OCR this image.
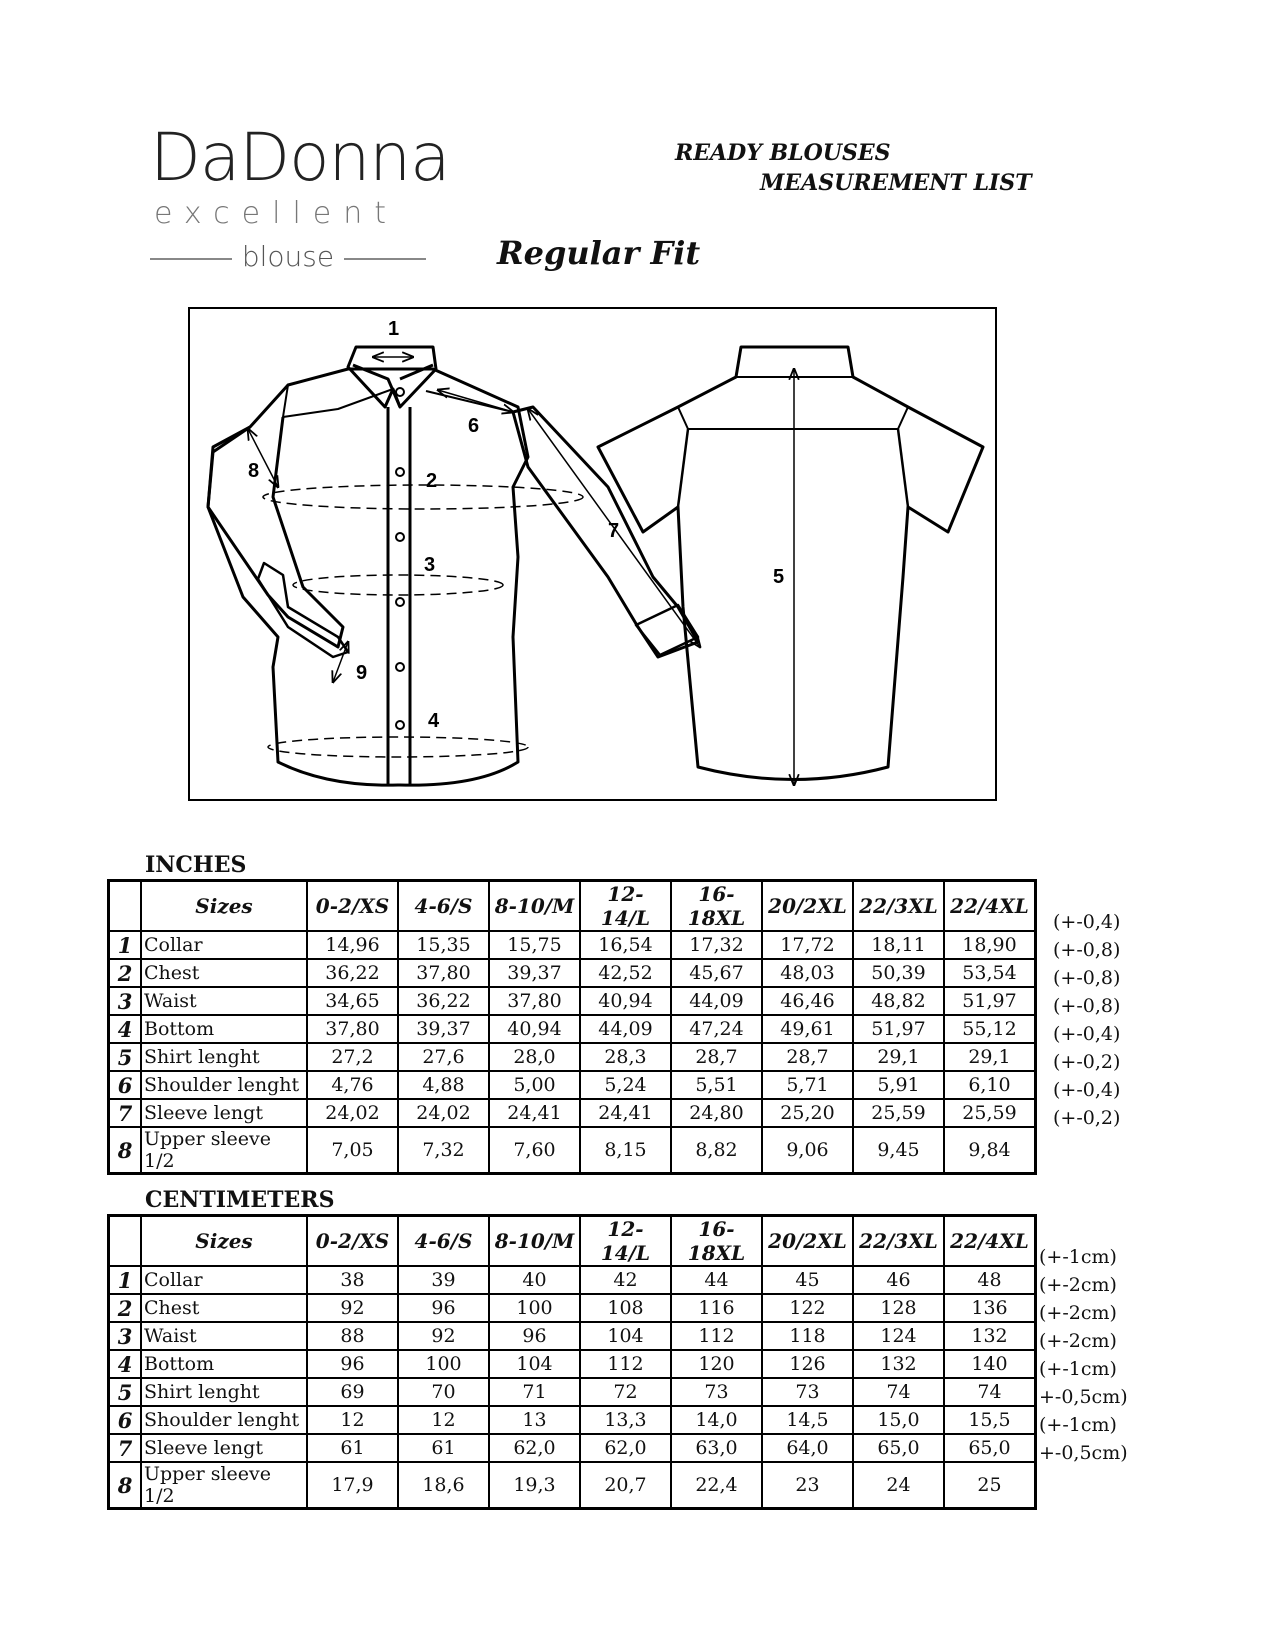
DaDonna
excellent
blouse
READY BLOUSES
MEASUREMENT LIST
Regular Fit
1
2
3
4
5
6
7
8
9
INCHES
	Sizes	0-2/XS	4-6/S	8-10/M	12-14/L	16-18XL	20/2XL	22/3XL	22/4XL
1	Collar	14,96	15,35	15,75	16,54	17,32	17,72	18,11	18,90
2	Chest	36,22	37,80	39,37	42,52	45,67	48,03	50,39	53,54
3	Waist	34,65	36,22	37,80	40,94	44,09	46,46	48,82	51,97
4	Bottom	37,80	39,37	40,94	44,09	47,24	49,61	51,97	55,12
5	Shirt lenght	27,2	27,6	28,0	28,3	28,7	28,7	29,1	29,1
6	Shoulder lenght	4,76	4,88	5,00	5,24	5,51	5,71	5,91	6,10
7	Sleeve lengt	24,02	24,02	24,41	24,41	24,80	25,20	25,59	25,59
8	Upper sleeve 1/2	7,05	7,32	7,60	8,15	8,82	9,06	9,45	9,84
CENTIMETERS
	Sizes	0-2/XS	4-6/S	8-10/M	12-14/L	16-18XL	20/2XL	22/3XL	22/4XL
1	Collar	38	39	40	42	44	45	46	48
2	Chest	92	96	100	108	116	122	128	136
3	Waist	88	92	96	104	112	118	124	132
4	Bottom	96	100	104	112	120	126	132	140
5	Shirt lenght	69	70	71	72	73	73	74	74
6	Shoulder lenght	12	12	13	13,3	14,0	14,5	15,0	15,5
7	Sleeve lengt	61	61	62,0	62,0	63,0	64,0	65,0	65,0
8	Upper sleeve 1/2	17,9	18,6	19,3	20,7	22,4	23	24	25
(+-0,4)
(+-0,8)
(+-0,8)
(+-0,8)
(+-0,4)
(+-0,2)
(+-0,4)
(+-0,2)
(+-1cm)
(+-2cm)
(+-2cm)
(+-2cm)
(+-1cm)
+-0,5cm)
(+-1cm)
+-0,5cm)
